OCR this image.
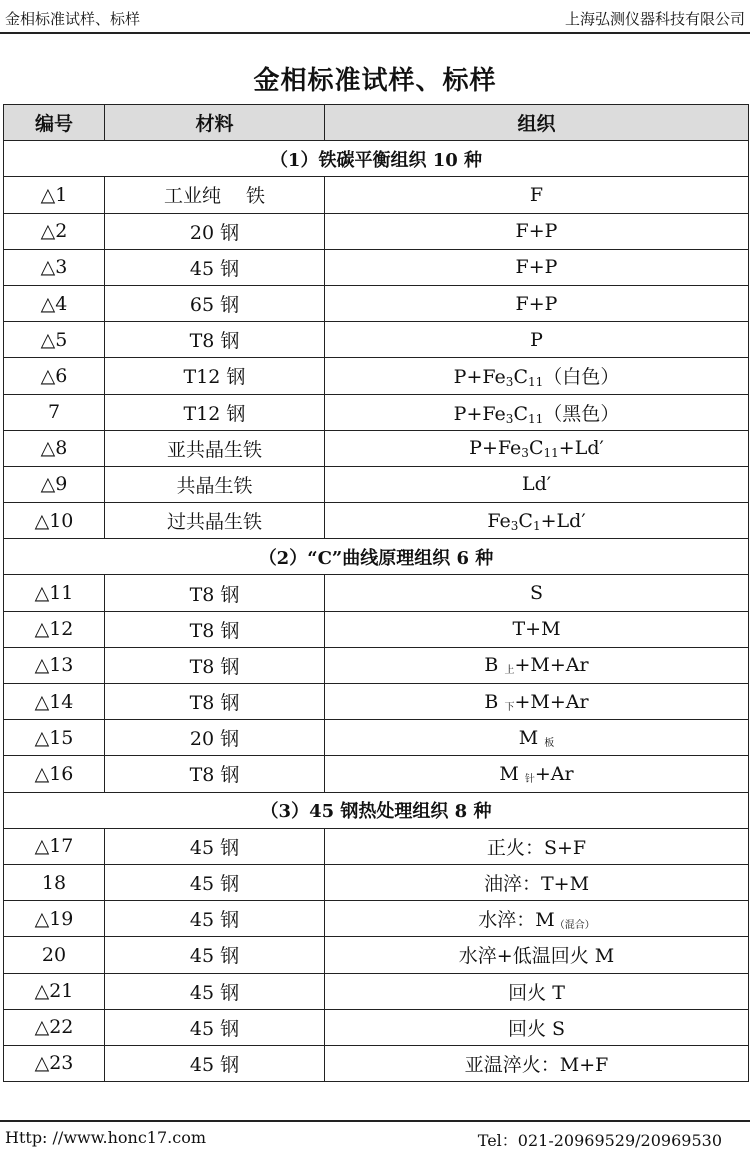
金相标准试样、标样	上海弘测仪器科技有限公司
金相标准试样、标样
编号	材料	组织
（1）铁碳平衡组织 10 种		
△1	工业纯　 铁	F
△2	20 钢	F+P
△3	45 钢	F+P
△4	65 钢	F+P
△5	T8 钢	P
△6	T12 钢	$P+Fe_3C_{11}$（白色）
7	T12 钢	$P+Fe_3C_{11}$（黑色）
△8	亚共晶生铁	$P+Fe_3C_{11}+Ld'$
△9	共晶生铁	Ld′
△10	过共晶生铁	$Fe_3C_1+Ld'$
（2）“C”曲线原理组织 6 种		
△11	T8 钢	S
△12	T8 钢	T+M
△13	T8 钢	B 上+M+Ar
△14	T8 钢	B 下+M+Ar
△15	20 钢	M 板
△16	T8 钢	M 针+Ar
（3）45 钢热处理组织 8 种		
△17	45 钢	正火：S+F
18	45 钢	油淬：T+M
△19	45 钢	水淬：M（混合）
20	45 钢	水淬+低温回火 M
△21	45 钢	回火 T
△22	45 钢	回火 S
△23	45 钢	亚温淬火：M+F
Http: //www.honc17.com	Tel：021-20969529/20969530
